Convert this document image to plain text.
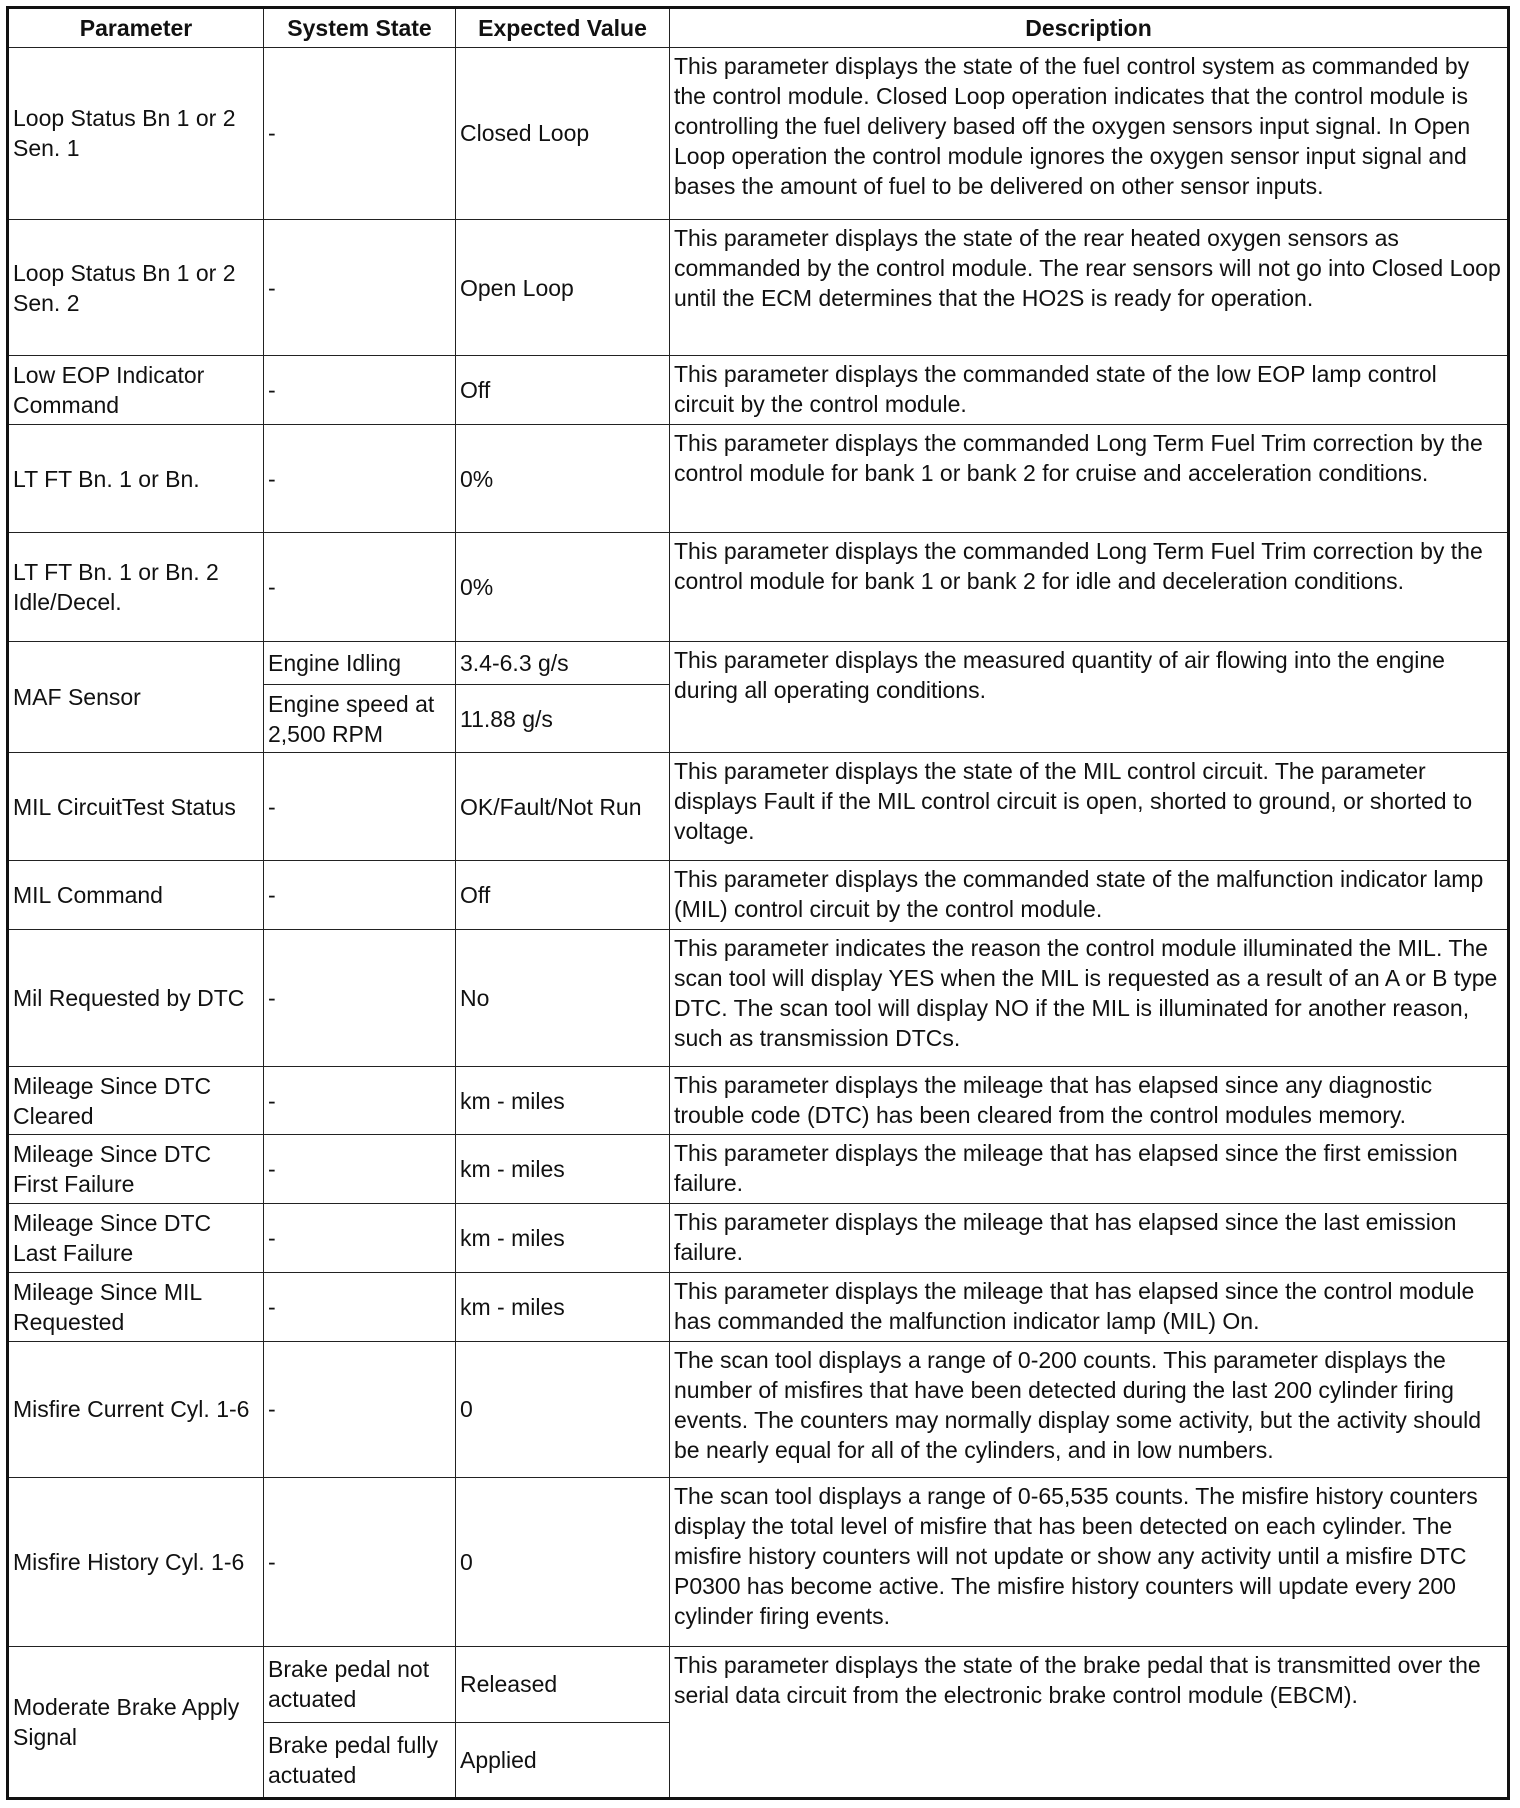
Parameter	System State	Expected Value	Description
Loop Status Bn 1 or 2 Sen. 1	-	Closed Loop	This parameter displays the state of the fuel control system as commanded by the control module. Closed Loop operation indicates that the control module is controlling the fuel delivery based off the oxygen sensors input signal. In Open Loop operation the control module ignores the oxygen sensor input signal and bases the amount of fuel to be delivered on other sensor inputs.
Loop Status Bn 1 or 2 Sen. 2	-	Open Loop	This parameter displays the state of the rear heated oxygen sensors as commanded by the control module. The rear sensors will not go into Closed Loop until the ECM determines that the HO2S is ready for operation.
Low EOP Indicator Command	-	Off	This parameter displays the commanded state of the low EOP lamp control circuit by the control module.
LT FT Bn. 1 or Bn.	-	0%	This parameter displays the commanded Long Term Fuel Trim correction by the control module for bank 1 or bank 2 for cruise and acceleration conditions.
LT FT Bn. 1 or Bn. 2 Idle/Decel.	-	0%	This parameter displays the commanded Long Term Fuel Trim correction by the control module for bank 1 or bank 2 for idle and deceleration conditions.
MAF Sensor	Engine Idling	3.4-6.3 g/s	This parameter displays the measured quantity of air flowing into the engine during all operating conditions.
	Engine speed at 2,500 RPM	11.88 g/s	
MIL CircuitTest Status	-	OK/Fault/Not Run	This parameter displays the state of the MIL control circuit. The parameter displays Fault if the MIL control circuit is open, shorted to ground, or shorted to voltage.
MIL Command	-	Off	This parameter displays the commanded state of the malfunction indicator lamp (MIL) control circuit by the control module.
Mil Requested by DTC	-	No	This parameter indicates the reason the control module illuminated the MIL. The scan tool will display YES when the MIL is requested as a result of an A or B type DTC. The scan tool will display NO if the MIL is illuminated for another reason, such as transmission DTCs.
Mileage Since DTC Cleared	-	km - miles	This parameter displays the mileage that has elapsed since any diagnostic trouble code (DTC) has been cleared from the control modules memory.
Mileage Since DTC First Failure	-	km - miles	This parameter displays the mileage that has elapsed since the first emission failure.
Mileage Since DTC Last Failure	-	km - miles	This parameter displays the mileage that has elapsed since the last emission failure.
Mileage Since MIL Requested	-	km - miles	This parameter displays the mileage that has elapsed since the control module has commanded the malfunction indicator lamp (MIL) On.
Misfire Current Cyl. 1-6	-	0	The scan tool displays a range of 0-200 counts. This parameter displays the number of misfires that have been detected during the last 200 cylinder firing events. The counters may normally display some activity, but the activity should be nearly equal for all of the cylinders, and in low numbers.
Misfire History Cyl. 1-6	-	0	The scan tool displays a range of 0-65,535 counts. The misfire history counters display the total level of misfire that has been detected on each cylinder. The misfire history counters will not update or show any activity until a misfire DTC P0300 has become active. The misfire history counters will update every 200 cylinder firing events.
Moderate Brake Apply Signal	Brake pedal not actuated	Released	This parameter displays the state of the brake pedal that is transmitted over the serial data circuit from the electronic brake control module (EBCM).
	Brake pedal fully actuated	Applied	
